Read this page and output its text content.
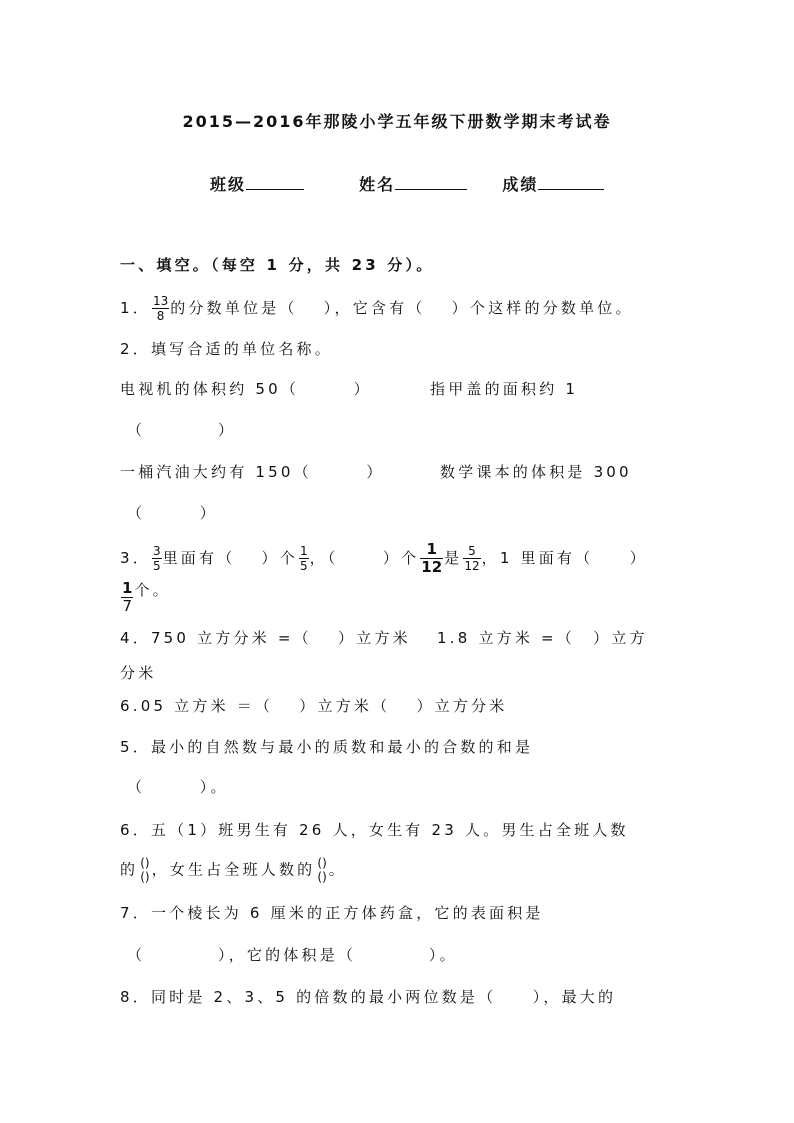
2015—2016年那陵小学五年级下册数学期末考试卷
班级	姓名	成绩
一、填空。（每空 1 分，共 23 分）。
1． $\frac{13}{8}$ 的分数单位是（　 ），它含有（　 ）个这样的分数单位。
2．填写合适的单位名称。
电视机的体积约 50（　　　）	指甲盖的面积约 1
（　　　　）
一桶汽油大约有 150（　　　）	数学课本的体积是 300
（　　　）
3． $\frac{3}{5}$ 里面有（　 ）个 $\frac{1}{5}$ ，（　　 ）个 $\frac{1}{12}$ 是 $\frac{5}{12}$ ，1 里面有（　　）
$\frac{1}{7}$ 个。
4．750 立方分米 =（　 ）立方米　 1.8 立方米 =（　）立方
分米
6.05 立方米 ＝（　 ）立方米（　 ）立方分米
5．最小的自然数与最小的质数和最小的合数的和是
（　　　）。
6．五（1）班男生有 26 人，女生有 23 人。男生占全班人数
的 ()
() ，女生占全班人数的 ()
() 。
7．一个棱长为 6 厘米的正方体药盒，它的表面积是
（　　　　），它的体积是（　　　　）。
8．同时是 2、3、5 的倍数的最小两位数是（　　），最大的
